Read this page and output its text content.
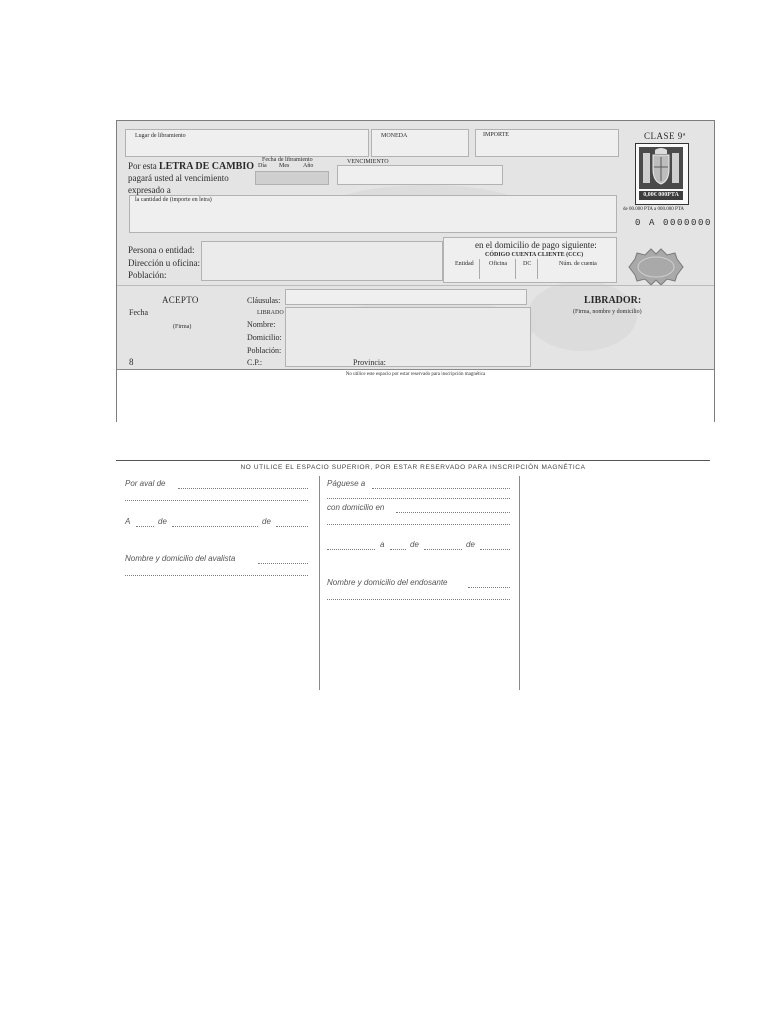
Lugar de libramiento	MONEDA	IMPORTE	CLASE 9ª
0,00€ 000PTA
de 00.000 PTA a 000.000 PTA
0 A 0000000
Por esta LETRA DE CAMBIO
pagará usted al vencimiento
expresado a
Fecha de libramiento
Día Mes Año
VENCIMIENTO
la cantidad de (importe en letra)
Persona o entidad:
Dirección u oficina:
Población:
en el domicilio de pago siguiente:
CÓDIGO CUENTA CLIENTE (CCC)
Entidad	Oficina	DC	Núm. de cuenta
ACEPTO
Fecha
(Firma)
8
Cláusulas:
LIBRADO
Nombre:
Domicilio:
Población:
C.P.:	Provincia:
LIBRADOR:
(Firma, nombre y domicilio)
No utilice este espacio por estar reservado para inscripción magnética
NO UTILICE EL ESPACIO SUPERIOR, POR ESTAR RESERVADO PARA INSCRIPCIÓN MAGNÉTICA
Por aval de
A	de	de
Nombre y domicilio del avalista
Páguese a
con domicilio en
a	de	de
Nombre y domicilio del endosante
